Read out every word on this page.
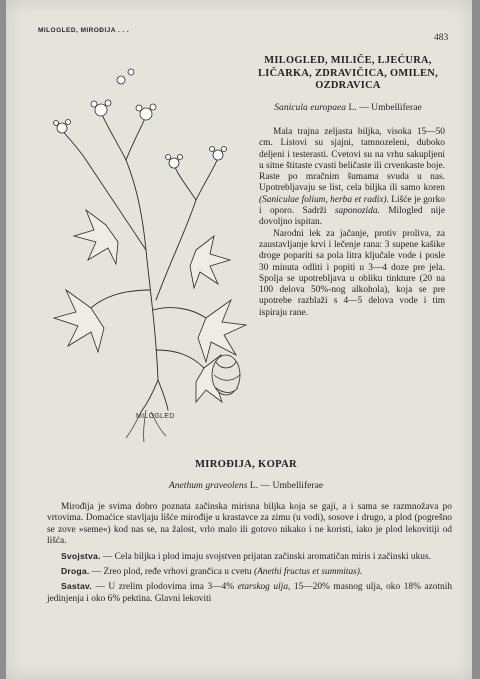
MILOGLED, MIROĐIJA . . .
483
MILOGLED
MILOGLED, MILIČE, LJEĆURA, LIČARKA, ZDRAVIČICA, OMILEN, OZDRAVICA
Sanicula europaea L. — Umbelliferae

Mala trajna zeljasta biljka, visoka 15—50 cm. Listovi su sjajni, tamnozeleni, duboko deljeni i testerasti. Cvetovi su na vrhu sakupljeni u sitne štitaste cvasti beličaste ili crvenkaste boje. Raste po mračnim šumama svuda u nas. Upotrebljavaju se list, cela biljka ili samo koren (Saniculae folium, herba et radix). Lišće je gorko i oporo. Sadrži saponozida. Milogled nije dovoljno ispitan.

Narodni lek za jačanje, protiv proliva, za zaustavljanje krvi i lečenje rana: 3 supene kašike droge poparíti sa pola litra ključale vode i posle 30 minuta odliti i popiti u 3—4 doze pre jela. Spolja se upotrebljava u obliku tinkture (20 na 100 delova 50%-nog alkohola), koja se pre upotrebe razblaži s 4—5 delova vode i tim ispiraju rane.

MIROĐIJA, KOPAR
Anethum graveolens L. — Umbelliferae

Mirođija je svima dobro poznata začinska mirisna biljka koja se gaji, a i sama se razmnožava po vrtovima. Domaćice stavljaju lišće mirođije u krastavce za zimu (u vodi), sosove i drugo, a plod (pogrešno se zove »seme«) kod nas se, na žalost, vrlo malo ili gotovo nikako i ne koristi, iako je plod lekovitiji od lišća.

Svojstva. — Cela biljka i plod imaju svojstven prijatan začinski aromatičan miris i začinski ukus.

Droga. — Zreo plod, ređe vrhovi grančica u cvetu (Anethi fructus et summitas).

Sastav. — U zrelim plodovima ima 3—4% etarskog ulja, 15—20% masnog ulja, oko 18% azotnih jedinjenja i oko 6% pektina. Glavni lekoviti
